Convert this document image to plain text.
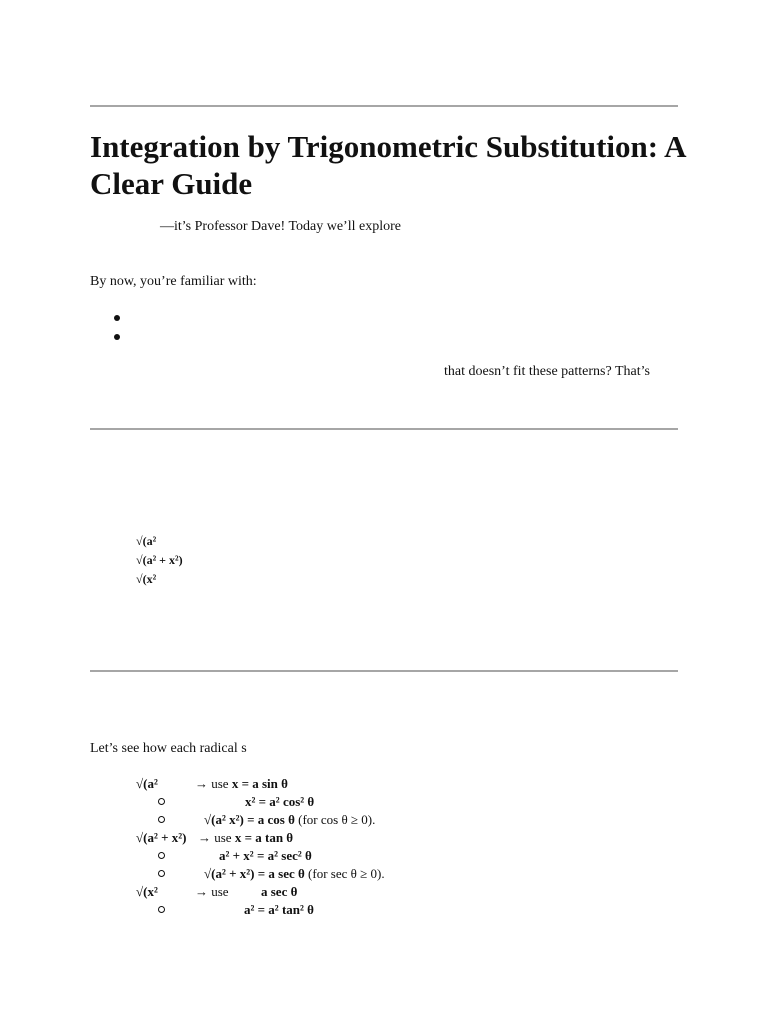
Integration by Trigonometric Substitution: A Clear Guide
—it’s Professor Dave! Today we’ll explore
By now, you’re familiar with:
that doesn’t fit these patterns? That’s
√(a²
√(a² + x²)
√(x²
Let’s see how each radical s
√(a²	→ use x = a sin θ
x² = a² cos² θ
√(a² x²) = a cos θ (for cos θ ≥ 0).
√(a² + x²) → use x = a tan θ
a² + x² = a² sec² θ
√(a² + x²) = a sec θ (for sec θ ≥ 0).
√(x²	→ use a sec θ
a² = a² tan² θ
